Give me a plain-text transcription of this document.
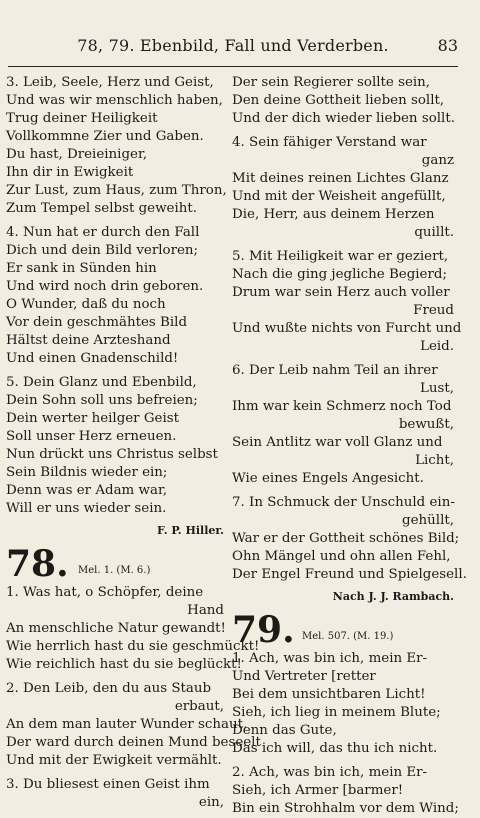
78, 79. Ebenbild, Fall und Verderben.	83
3. Leib, Seele, Herz und Geist,
Und was wir menschlich haben,
Trug deiner Heiligkeit
Vollkommne Zier und Gaben.
Du hast, Dreieiniger,
Ihn dir in Ewigkeit
Zur Lust, zum Haus, zum Thron,
Zum Tempel selbst geweiht.
4. Nun hat er durch den Fall
Dich und dein Bild verloren;
Er sank in Sünden hin
Und wird noch drin geboren.
O Wunder, daß du noch
Vor dein geschmähtes Bild
Hältst deine Arzteshand
Und einen Gnadenschild!
5. Dein Glanz und Ebenbild,
Dein Sohn soll uns befreien;
Dein werter heilger Geist
Soll unser Herz erneuen.
Nun drückt uns Christus selbst
Sein Bildnis wieder ein;
Denn was er Adam war,
Will er uns wieder sein.
F. P. Hiller.
78. Mel. 1. (M. 6.)
1. Was hat, o Schöpfer, deine
Hand
An menschliche Natur gewandt!
Wie herrlich hast du sie geschmückt!
Wie reichlich hast du sie beglückt!
2. Den Leib, den du aus Staub
erbaut,
An dem man lauter Wunder schaut,
Der ward durch deinen Mund beseelt
Und mit der Ewigkeit vermählt.
3. Du bliesest einen Geist ihm
ein,
Der sein Regierer sollte sein,
Den deine Gottheit lieben sollt,
Und der dich wieder lieben sollt.
4. Sein fähiger Verstand war
ganz
Mit deines reinen Lichtes Glanz
Und mit der Weisheit angefüllt,
Die, Herr, aus deinem Herzen
quillt.
5. Mit Heiligkeit war er geziert,
Nach die ging jegliche Begierd;
Drum war sein Herz auch voller
Freud
Und wußte nichts von Furcht und
Leid.
6. Der Leib nahm Teil an ihrer
Lust,
Ihm war kein Schmerz noch Tod
bewußt,
Sein Antlitz war voll Glanz und
Licht,
Wie eines Engels Angesicht.
7. In Schmuck der Unschuld ein-
gehüllt,
War er der Gottheit schönes Bild;
Ohn Mängel und ohn allen Fehl,
Der Engel Freund und Spielgesell.
Nach J. J. Rambach.
79. Mel. 507. (M. 19.)
1. Ach, was bin ich, mein Er-
Und Vertreter [retter
Bei dem unsichtbaren Licht!
Sieh, ich lieg in meinem Blute;
Denn das Gute,
Das ich will, das thu ich nicht.
2. Ach, was bin ich, mein Er-
Sieh, ich Armer [barmer!
Bin ein Strohhalm vor dem Wind;
